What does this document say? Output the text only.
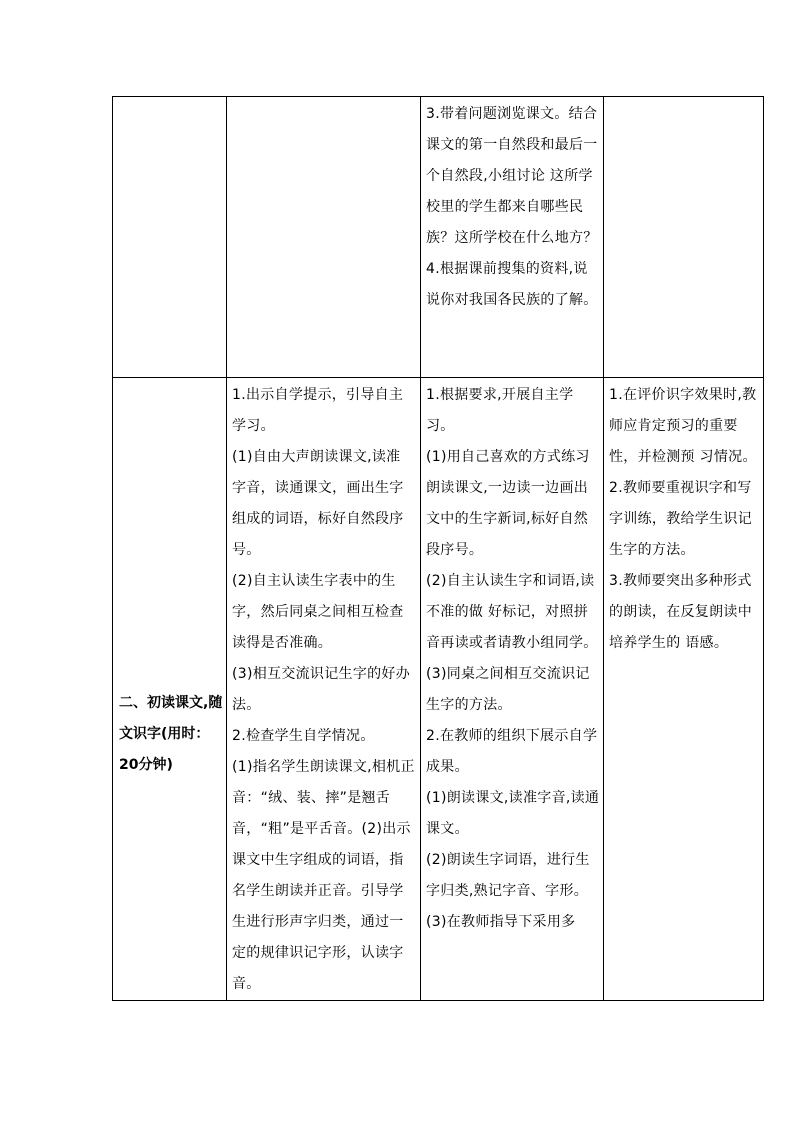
3.带着问题浏览课文。结合课文的第一自然段和最后一个自然段,小组讨论 这所学校里的学生都来自哪些民族？这所学校在什么地方？

4.根据课前搜集的资料,说说你对我国各民族的了解。

二、初读课文,随文识字(用时：20分钟)

1.出示自学提示，引导自主学习。

(1)自由大声朗读课文,读准 字音，读通课文，画出生字组成的词语，标好自然段序号。

(2)自主认读生字表中的生字，然后同桌之间相互检查读得是否准确。

(3)相互交流识记生字的好办法。

2.检查学生自学情况。

(1)指名学生朗读课文,相机正音：“绒、装、摔”是翘舌音，“粗”是平舌音。(2)出示课文中生字组成的词语，指名学生朗读并正音。引导学生进行形声字归类，通过一定的规律识记字形，认读字音。

1.根据要求,开展自主学习。

(1)用自己喜欢的方式练习朗读课文,一边读一边画出文中的生字新词,标好自然段序号。

(2)自主认读生字和词语,读不准的做 好标记，对照拼音再读或者请教小组同学。

(3)同桌之间相互交流识记生字的方法。

2.在教师的组织下展示自学成果。

(1)朗读课文,读准字音,读通课文。

(2)朗读生字词语，进行生字归类,熟记字音、字形。

(3)在教师指导下采用多

1.在评价识字效果时,教师应肯定预习的重要性，并检测预 习情况。

2.教师要重视识字和写字训练，教给学生识记生字的方法。

3.教师要突出多种形式的朗读，在反复朗读中培养学生的 语感。
